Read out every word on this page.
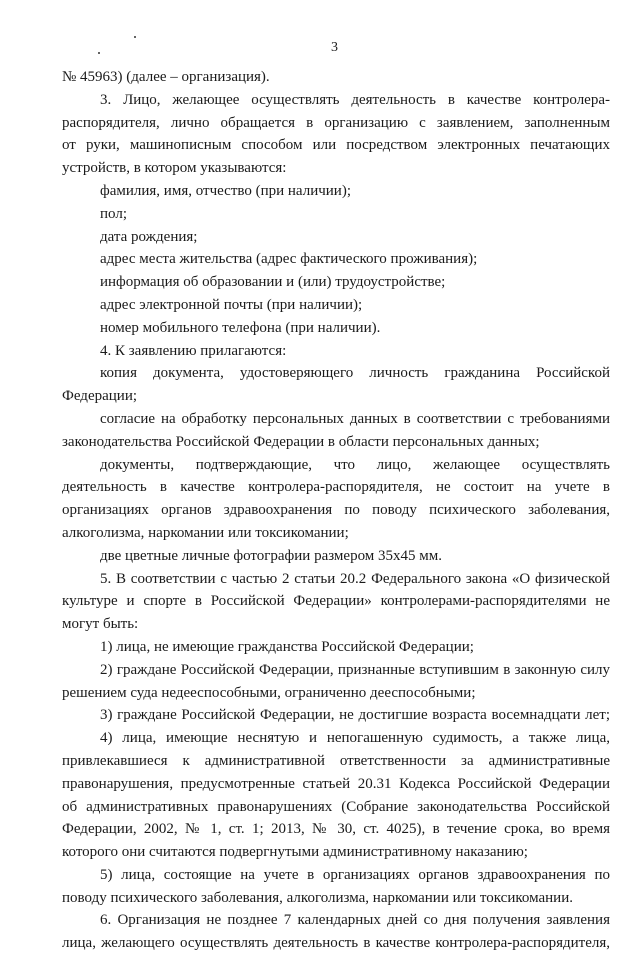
3
№ 45963) (далее – организация).
3. Лицо, желающее осуществлять деятельность в качестве контролера-
распорядителя, лично обращается в организацию с заявлением, заполненным
от руки, машинописным способом или посредством электронных печатающих
устройств, в котором указываются:
фамилия, имя, отчество (при наличии);
пол;
дата рождения;
адрес места жительства (адрес фактического проживания);
информация об образовании и (или) трудоустройстве;
адрес электронной почты (при наличии);
номер мобильного телефона (при наличии).
4. К заявлению прилагаются:
копия документа, удостоверяющего личность гражданина Российской
Федерации;
согласие на обработку персональных данных в соответствии с требованиями
законодательства Российской Федерации в области персональных данных;
документы, подтверждающие, что лицо, желающее осуществлять
деятельность в качестве контролера-распорядителя, не состоит на учете в
организациях органов здравоохранения по поводу психического заболевания,
алкоголизма, наркомании или токсикомании;
две цветные личные фотографии размером 35х45 мм.
5. В соответствии с частью 2 статьи 20.2 Федерального закона «О физической
культуре и спорте в Российской Федерации» контролерами-распорядителями не
могут быть:
1) лица, не имеющие гражданства Российской Федерации;
2) граждане Российской Федерации, признанные вступившим в законную силу
решением суда недееспособными, ограниченно дееспособными;
3) граждане Российской Федерации, не достигшие возраста восемнадцати лет;
4) лица, имеющие неснятую и непогашенную судимость, а также лица,
привлекавшиеся к административной ответственности за административные
правонарушения, предусмотренные статьей 20.31 Кодекса Российской Федерации
об административных правонарушениях (Собрание законодательства Российской
Федерации, 2002, № 1, ст. 1; 2013, № 30, ст. 4025), в течение срока, во время
которого они считаются подвергнутыми административному наказанию;
5) лица, состоящие на учете в организациях органов здравоохранения по
поводу психического заболевания, алкоголизма, наркомании или токсикомании.
6. Организация не позднее 7 календарных дней со дня получения заявления
лица, желающего осуществлять деятельность в качестве контролера-распорядителя,
